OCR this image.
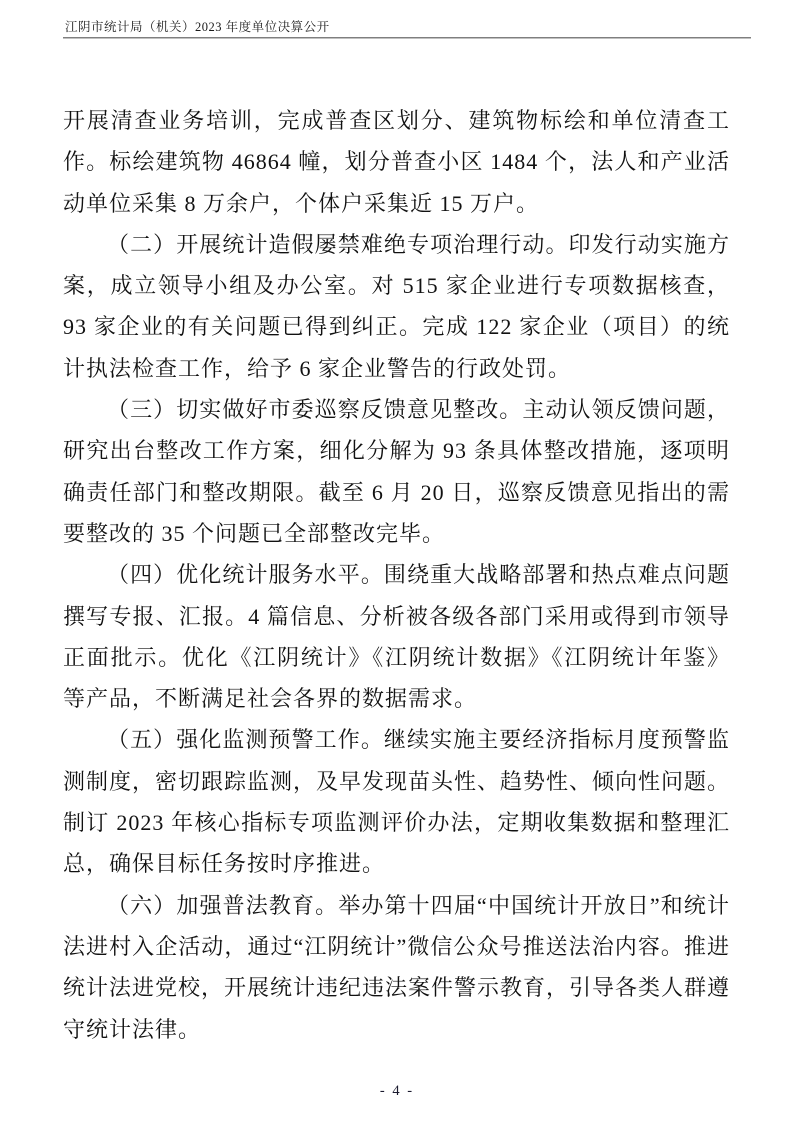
江阴市统计局（机关）2023 年度单位决算公开

开展清查业务培训，完成普查区划分、建筑物标绘和单位清查工作。标绘建筑物 46864 幢，划分普查小区 1484 个，法人和产业活动单位采集 8 万余户，个体户采集近 15 万户。

（二）开展统计造假屡禁难绝专项治理行动。印发行动实施方案，成立领导小组及办公室。对 515 家企业进行专项数据核查，93 家企业的有关问题已得到纠正。完成 122 家企业（项目）的统计执法检查工作，给予 6 家企业警告的行政处罚。

（三）切实做好市委巡察反馈意见整改。主动认领反馈问题，研究出台整改工作方案，细化分解为 93 条具体整改措施，逐项明确责任部门和整改期限。截至 6 月 20 日，巡察反馈意见指出的需要整改的 35 个问题已全部整改完毕。

（四）优化统计服务水平。围绕重大战略部署和热点难点问题撰写专报、汇报。4 篇信息、分析被各级各部门采用或得到市领导正面批示。优化《江阴统计》《江阴统计数据》《江阴统计年鉴》等产品，不断满足社会各界的数据需求。

（五）强化监测预警工作。继续实施主要经济指标月度预警监测制度，密切跟踪监测，及早发现苗头性、趋势性、倾向性问题。制订 2023 年核心指标专项监测评价办法，定期收集数据和整理汇总，确保目标任务按时序推进。

（六）加强普法教育。举办第十四届“中国统计开放日”和统计法进村入企活动，通过“江阴统计”微信公众号推送法治内容。推进统计法进党校，开展统计违纪违法案件警示教育，引导各类人群遵守统计法律。

- 4 -
